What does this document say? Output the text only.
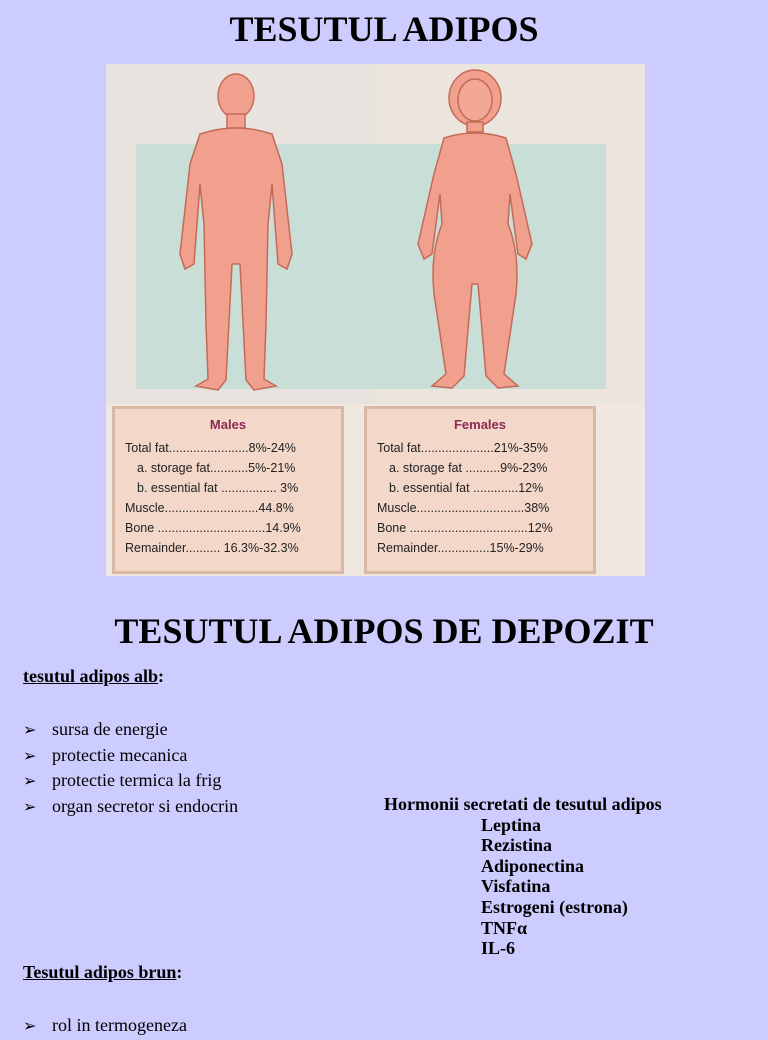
TESUTUL ADIPOS
Males
Total fat.......................8%-24%
a. storage fat...........5%-21%
b. essential fat ................ 3%
Muscle...........................44.8%
Bone ...............................14.9%
Remainder.......... 16.3%-32.3%
Females
Total fat.....................21%-35%
a. storage fat ..........9%-23%
b. essential fat .............12%
Muscle...............................38%
Bone ..................................12%
Remainder...............15%-29%
TESUTUL ADIPOS DE DEPOZIT
tesutul adipos alb:
➢ sursa de energie
➢ protectie mecanica
➢ protectie termica la frig
➢ organ secretor si endocrin	Hormonii secretati de tesutul adipos
Leptina
Rezistina
Adiponectina
Visfatina
Estrogeni (estrona)
TNFα
IL-6
Tesutul adipos brun:
➢ rol in termogeneza
